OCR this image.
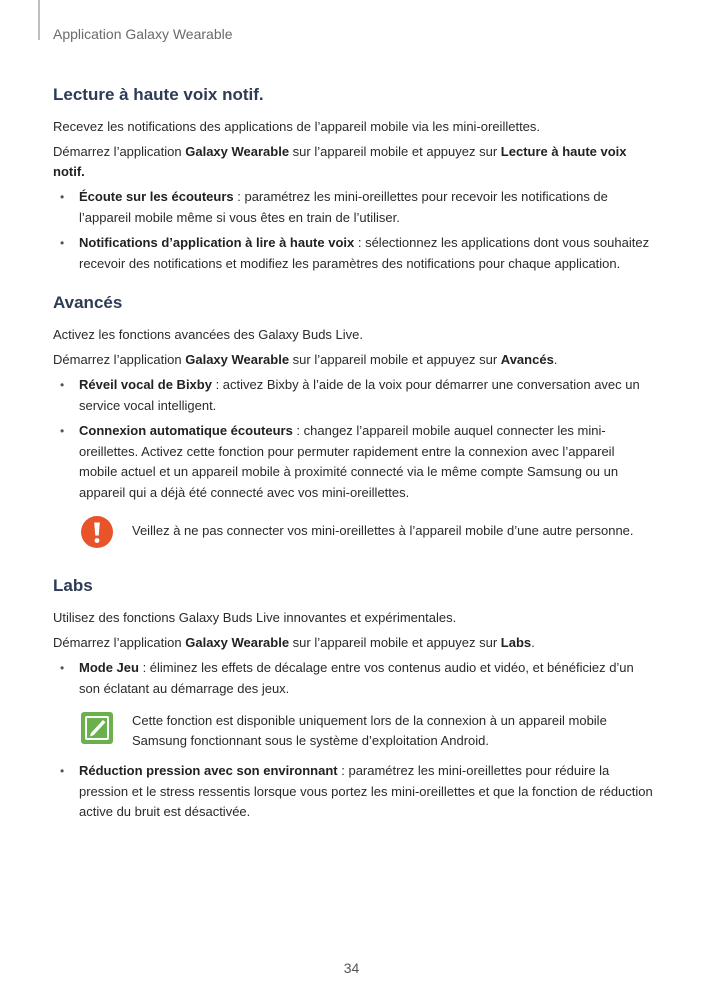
Application Galaxy Wearable
Lecture à haute voix notif.

Recevez les notifications des applications de l’appareil mobile via les mini-oreillettes.

Démarrez l’application Galaxy Wearable sur l’appareil mobile et appuyez sur Lecture à haute voix notif.

• Écoute sur les écouteurs : paramétrez les mini-oreillettes pour recevoir les notifications de l’appareil mobile même si vous êtes en train de l’utiliser.
• Notifications d’application à lire à haute voix : sélectionnez les applications dont vous souhaitez recevoir des notifications et modifiez les paramètres des notifications pour chaque application.
Avancés

Activez les fonctions avancées des Galaxy Buds Live.

Démarrez l’application Galaxy Wearable sur l’appareil mobile et appuyez sur Avancés.

• Réveil vocal de Bixby : activez Bixby à l’aide de la voix pour démarrer une conversation avec un service vocal intelligent.
• Connexion automatique écouteurs : changez l’appareil mobile auquel connecter les mini-oreillettes. Activez cette fonction pour permuter rapidement entre la connexion avec l’appareil mobile actuel et un appareil mobile à proximité connecté via le même compte Samsung ou un appareil qui a déjà été connecté avec vos mini-oreillettes.
Veillez à ne pas connecter vos mini-oreillettes à l’appareil mobile d’une autre personne.
Labs

Utilisez des fonctions Galaxy Buds Live innovantes et expérimentales.

Démarrez l’application Galaxy Wearable sur l’appareil mobile et appuyez sur Labs.

• Mode Jeu : éliminez les effets de décalage entre vos contenus audio et vidéo, et bénéficiez d’un son éclatant au démarrage des jeux.
Cette fonction est disponible uniquement lors de la connexion à un appareil mobile Samsung fonctionnant sous le système d’exploitation Android.
• Réduction pression avec son environnant : paramétrez les mini-oreillettes pour réduire la pression et le stress ressentis lorsque vous portez les mini-oreillettes et que la fonction de réduction active du bruit est désactivée.
34
